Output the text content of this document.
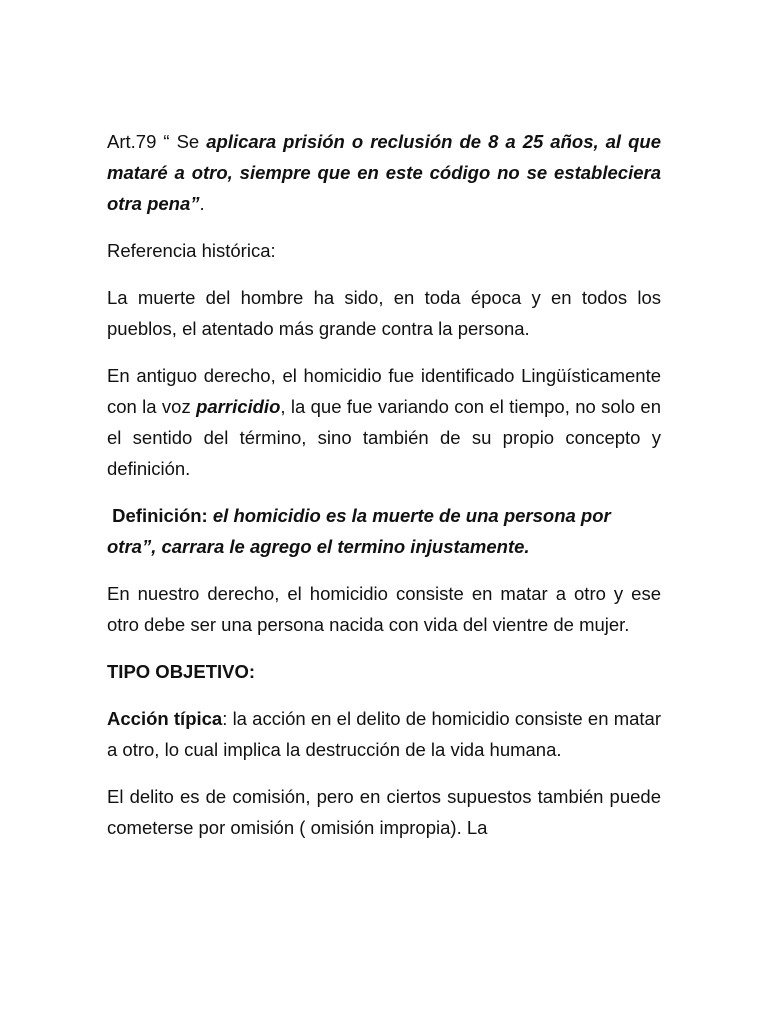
Art.79 “ Se aplicara prisión o reclusión de 8 a 25 años, al que mataré a otro, siempre que en este código no se estableciera otra pena”.

Referencia histórica:

La muerte del hombre ha sido, en toda época y en todos los pueblos, el atentado más grande contra la persona.

En antiguo derecho, el homicidio fue identificado Lingüísticamente con la voz parricidio, la que fue variando con el tiempo, no solo en el sentido del término, sino también de su propio concepto y definición.

Definición: el homicidio es la muerte de una persona por otra”, carrara le agrego el termino injustamente.

En nuestro derecho, el homicidio consiste en matar a otro y ese otro debe ser una persona nacida con vida del vientre de mujer.

TIPO OBJETIVO:

Acción típica: la acción en el delito de homicidio consiste en matar a otro, lo cual implica la destrucción de la vida humana.

El delito es de comisión, pero en ciertos supuestos también puede cometerse por omisión ( omisión impropia). La
